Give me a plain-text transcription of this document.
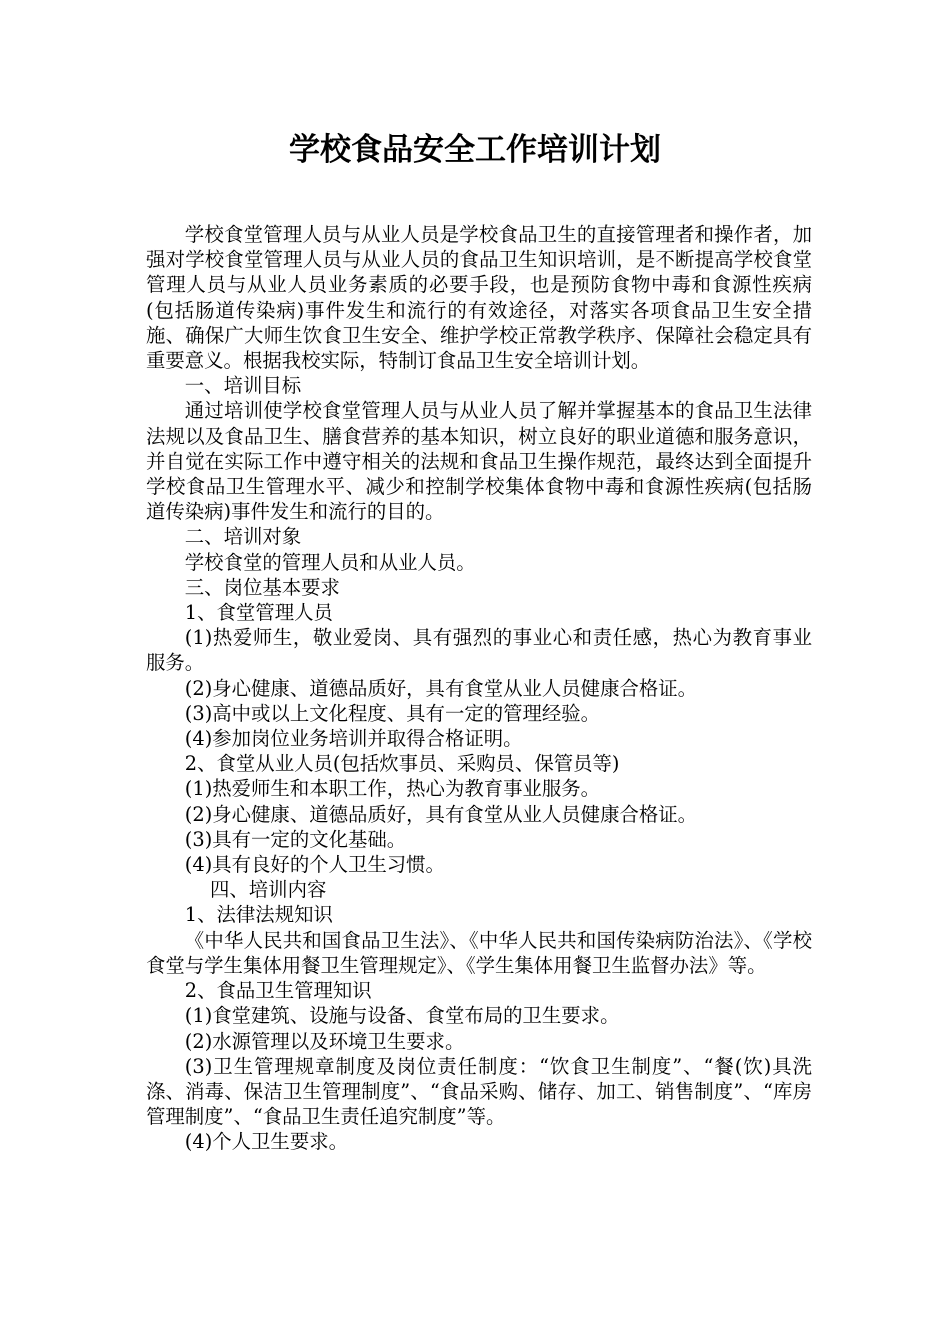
学校食品安全工作培训计划

学校食堂管理人员与从业人员是学校食品卫生的直接管理者和操作者，加强对学校食堂管理人员与从业人员的食品卫生知识培训，是不断提高学校食堂管理人员与从业人员业务素质的必要手段，也是预防食物中毒和食源性疾病(包括肠道传染病)事件发生和流行的有效途径，对落实各项食品卫生安全措施、确保广大师生饮食卫生安全、维护学校正常教学秩序、保障社会稳定具有重要意义。根据我校实际，特制订食品卫生安全培训计划。

一、培训目标

通过培训使学校食堂管理人员与从业人员了解并掌握基本的食品卫生法律法规以及食品卫生、膳食营养的基本知识，树立良好的职业道德和服务意识，并自觉在实际工作中遵守相关的法规和食品卫生操作规范，最终达到全面提升学校食品卫生管理水平、减少和控制学校集体食物中毒和食源性疾病(包括肠道传染病)事件发生和流行的目的。

二、培训对象

学校食堂的管理人员和从业人员。

三、岗位基本要求

1、食堂管理人员

(1)热爱师生，敬业爱岗、具有强烈的事业心和责任感，热心为教育事业服务。

(2)身心健康、道德品质好，具有食堂从业人员健康合格证。

(3)高中或以上文化程度、具有一定的管理经验。

(4)参加岗位业务培训并取得合格证明。

2、食堂从业人员(包括炊事员、采购员、保管员等)

(1)热爱师生和本职工作，热心为教育事业服务。

(2)身心健康、道德品质好，具有食堂从业人员健康合格证。

(3)具有一定的文化基础。

(4)具有良好的个人卫生习惯。

四、培训内容

1、法律法规知识

《中华人民共和国食品卫生法》、《中华人民共和国传染病防治法》、《学校食堂与学生集体用餐卫生管理规定》、《学生集体用餐卫生监督办法》等。

2、食品卫生管理知识

(1)食堂建筑、设施与设备、食堂布局的卫生要求。

(2)水源管理以及环境卫生要求。

(3)卫生管理规章制度及岗位责任制度：“饮食卫生制度”、“餐(饮)具洗涤、消毒、保洁卫生管理制度”、“食品采购、储存、加工、销售制度”、“库房管理制度”、“食品卫生责任追究制度”等。

(4)个人卫生要求。
